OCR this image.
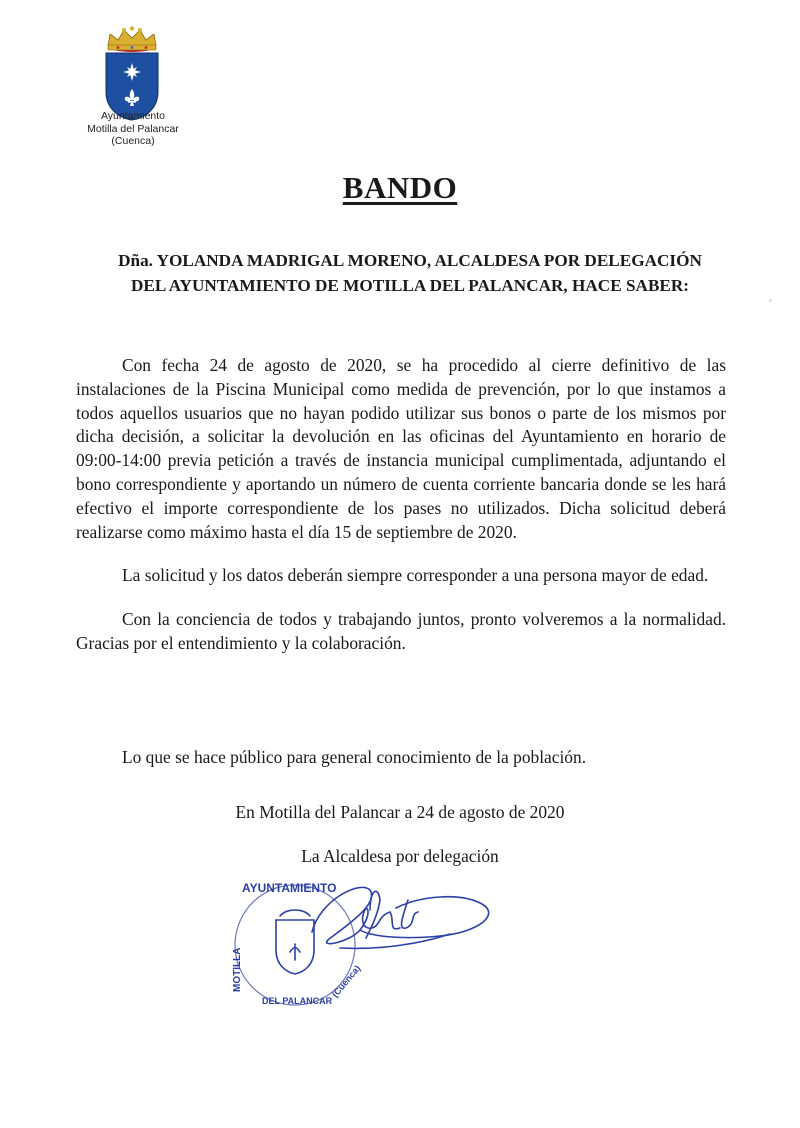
Ayuntamiento
Motilla del Palancar
(Cuenca)
BANDO
Dña. YOLANDA MADRIGAL MORENO, ALCALDESA POR DELEGACIÓN
DEL AYUNTAMIENTO DE MOTILLA DEL PALANCAR, HACE SABER:

Con fecha 24 de agosto de 2020, se ha procedido al cierre definitivo de las instalaciones de la Piscina Municipal como medida de prevención, por lo que instamos a todos aquellos usuarios que no hayan podido utilizar sus bonos o parte de los mismos por dicha decisión, a solicitar la devolución en las oficinas del Ayuntamiento en horario de 09:00-14:00 previa petición a través de instancia municipal cumplimentada, adjuntando el bono correspondiente y aportando un número de cuenta corriente bancaria donde se les hará efectivo el importe correspondiente de los pases no utilizados. Dicha solicitud deberá realizarse como máximo hasta el día 15 de septiembre de 2020.

La solicitud y los datos deberán siempre corresponder a una persona mayor de edad.

Con la conciencia de todos y trabajando juntos, pronto volveremos a la normalidad. Gracias por el entendimiento y la colaboración.

Lo que se hace público para general conocimiento de la población.
En Motilla del Palancar a 24 de agosto de 2020
La Alcaldesa por delegación
AYUNTAMIENTO
MOTILLA
DEL PALANCAR
(Cuenca)
